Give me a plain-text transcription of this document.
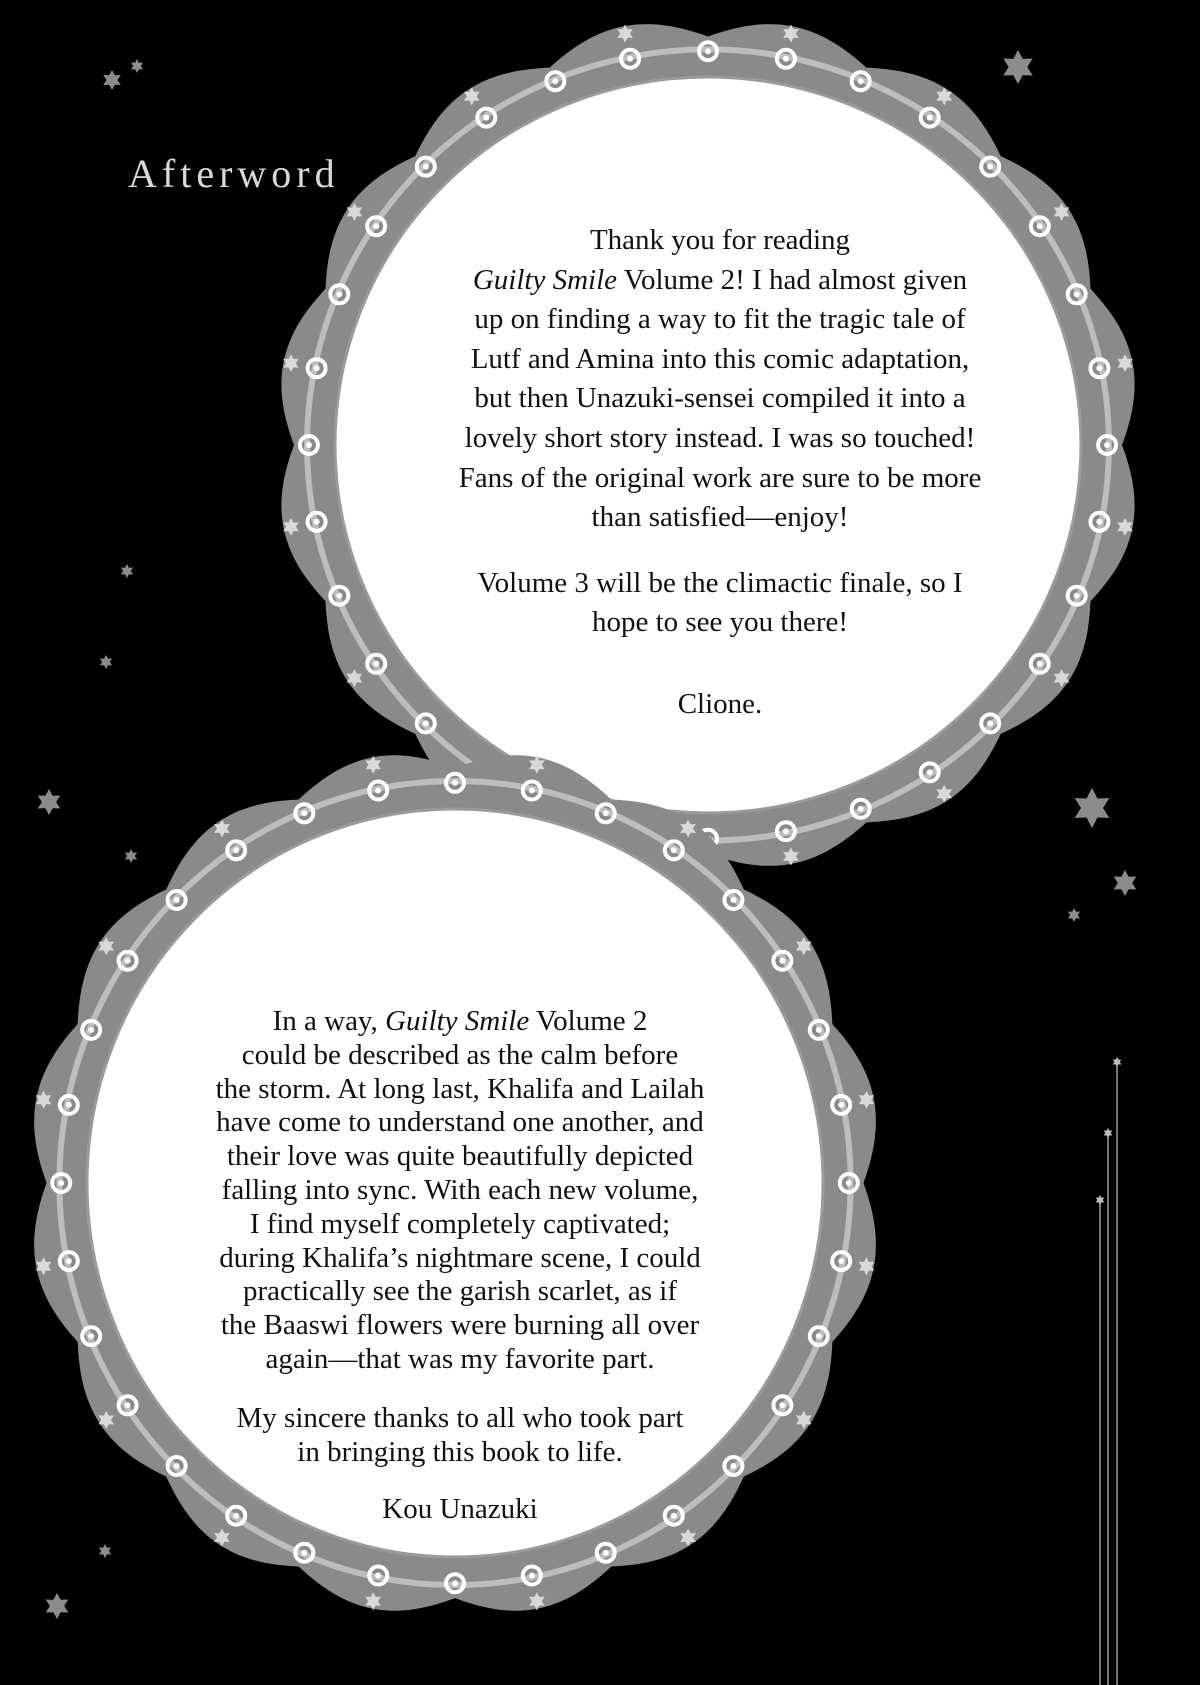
Afterword

Thank you for reading

Guilty Smile Volume 2! I had almost given

up on finding a way to fit the tragic tale of

Lutf and Amina into this comic adaptation,

but then Unazuki-sensei compiled it into a

lovely short story instead. I was so touched!

Fans of the original work are sure to be more

than satisfied—enjoy!

Volume 3 will be the climactic finale, so I

hope to see you there!

Clione.

In a way, Guilty Smile Volume 2

could be described as the calm before

the storm. At long last, Khalifa and Lailah

have come to understand one another, and

their love was quite beautifully depicted

falling into sync. With each new volume,

I find myself completely captivated;

during Khalifa’s nightmare scene, I could

practically see the garish scarlet, as if

the Baaswi flowers were burning all over

again—that was my favorite part.

My sincere thanks to all who took part

in bringing this book to life.

Kou Unazuki
